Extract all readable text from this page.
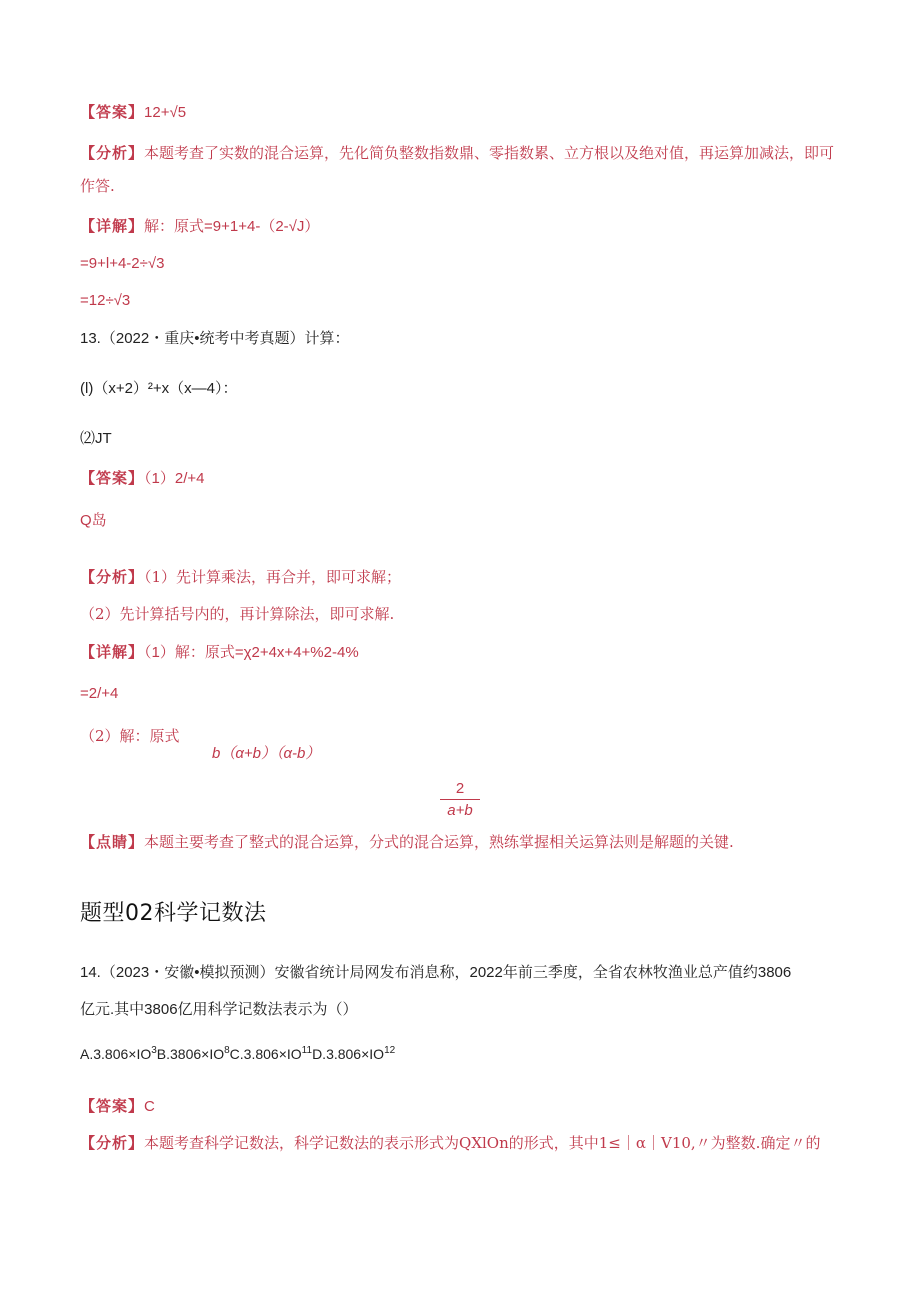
【答案】12+√5
【分析】本题考查了实数的混合运算，先化简负整数指数鼎、零指数累、立方根以及绝对值，再运算加减法，即可作答.
【详解】解：原式=9+1+4-（2-√J）
=9+l+4-2÷√3
=12÷√3
13.（2022・重庆•统考中考真题）计算：
(l)（x+2）²+x（x—4）：
⑵JT
【答案】（1）2/+4
Q岛
【分析】（1）先计算乘法，再合并，即可求解；
（2）先计算括号内的，再计算除法，即可求解.
【详解】（1）解：原式=χ2+4x+4+%2-4%
=2/+4
（2）解：原式
b（α+b）（α-b）
$\frac{2}{a+b}$
【点睛】本题主要考查了整式的混合运算，分式的混合运算，熟练掌握相关运算法则是解题的关键.
题型02科学记数法
14.（2023・安徽•模拟预测）安徽省统计局网发布消息称，2022年前三季度，全省农林牧渔业总产值约3806
亿元.其中3806亿用科学记数法表示为（）
$A.3.806\times IO^3B.3806\times IO^8C.3.806\times IO^{11}D.3.806\times IO^{12}$
【答案】C
【分析】本题考查科学记数法，科学记数法的表示形式为QXlOn的形式，其中1≤｜α｜V10,〃为整数.确定〃的
